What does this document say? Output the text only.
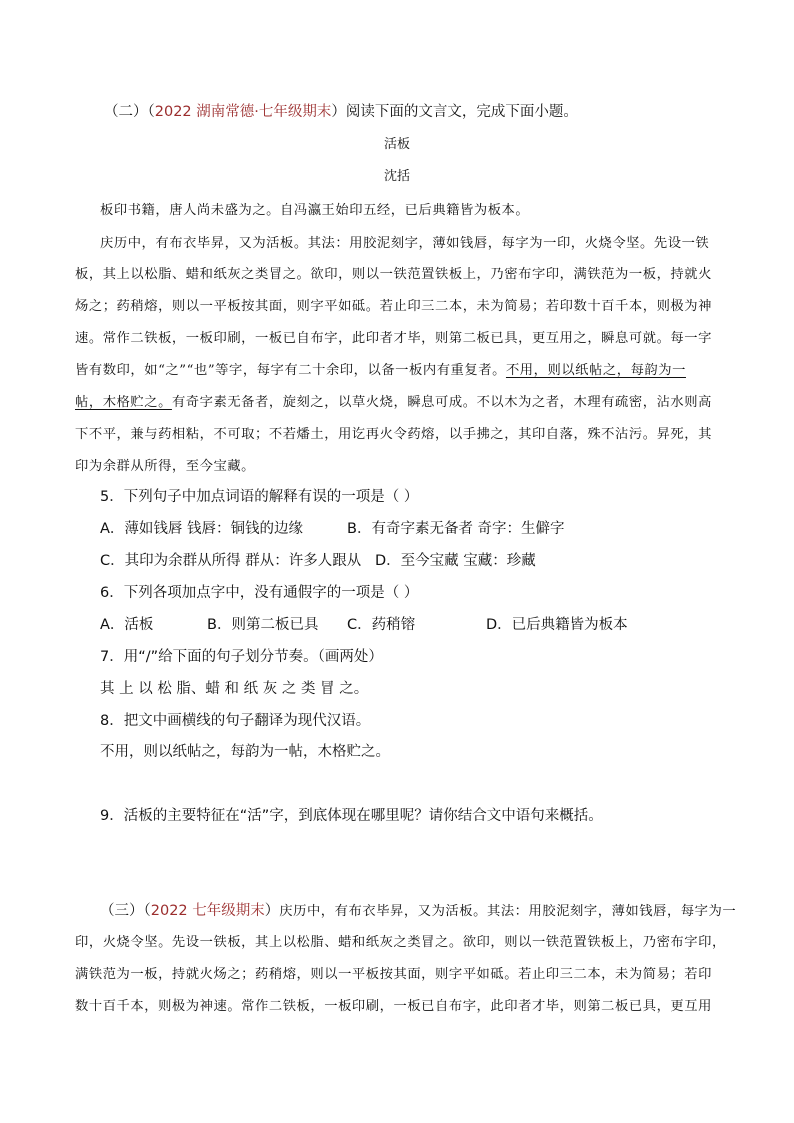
（二）（2022 湖南常德·七年级期末）阅读下面的文言文，完成下面小题。
活板
沈括
板印书籍，唐人尚未盛为之。自冯瀛王始印五经，已后典籍皆为板本。
庆历中，有布衣毕昇，又为活板。其法：用胶泥刻字，薄如钱唇，每字为一印，火烧令坚。先设一铁
板，其上以松脂、蜡和纸灰之类冒之。欲印，则以一铁范置铁板上，乃密布字印，满铁范为一板，持就火
炀之；药稍熔，则以一平板按其面，则字平如砥。若止印三二本，未为简易；若印数十百千本，则极为神
速。常作二铁板，一板印刷，一板已自布字，此印者才毕，则第二板已具，更互用之，瞬息可就。每一字
皆有数印，如“之”“也”等字，每字有二十余印，以备一板内有重复者。不用，则以纸帖之，每韵为一
帖，木格贮之。有奇字素无备者，旋刻之，以草火烧，瞬息可成。不以木为之者，木理有疏密，沾水则高
下不平，兼与药相粘，不可取；不若燔土，用讫再火令药熔，以手拂之，其印自落，殊不沾污。昇死，其
印为余群从所得，至今宝藏。
5．下列句子中加点词语的解释有误的一项是（ ）
A．薄如钱唇 钱唇：铜钱的边缘	B．有奇字素无备者 奇字：生僻字
C．其印为余群从所得 群从：许多人跟从 D．至今宝藏 宝藏：珍藏
6．下列各项加点字中，没有通假字的一项是（ ）
A．活板	B．则第二板已具 C．药稍镕	D．已后典籍皆为板本
7．用“/”给下面的句子划分节奏。（画两处）
其 上 以 松 脂、蜡 和 纸 灰 之 类 冒 之。
8．把文中画横线的句子翻译为现代汉语。
不用，则以纸帖之，每韵为一帖，木格贮之。
9．活板的主要特征在“活”字，到底体现在哪里呢？请你结合文中语句来概括。
（三）（2022 七年级期末）庆历中，有布衣毕昇，又为活板。其法：用胶泥刻字，薄如钱唇，每字为一
印，火烧令坚。先设一铁板，其上以松脂、蜡和纸灰之类冒之。欲印，则以一铁范置铁板上，乃密布字印，
满铁范为一板，持就火炀之；药稍熔，则以一平板按其面，则字平如砥。若止印三二本，未为简易；若印
数十百千本，则极为神速。常作二铁板，一板印刷，一板已自布字，此印者才毕，则第二板已具，更互用
